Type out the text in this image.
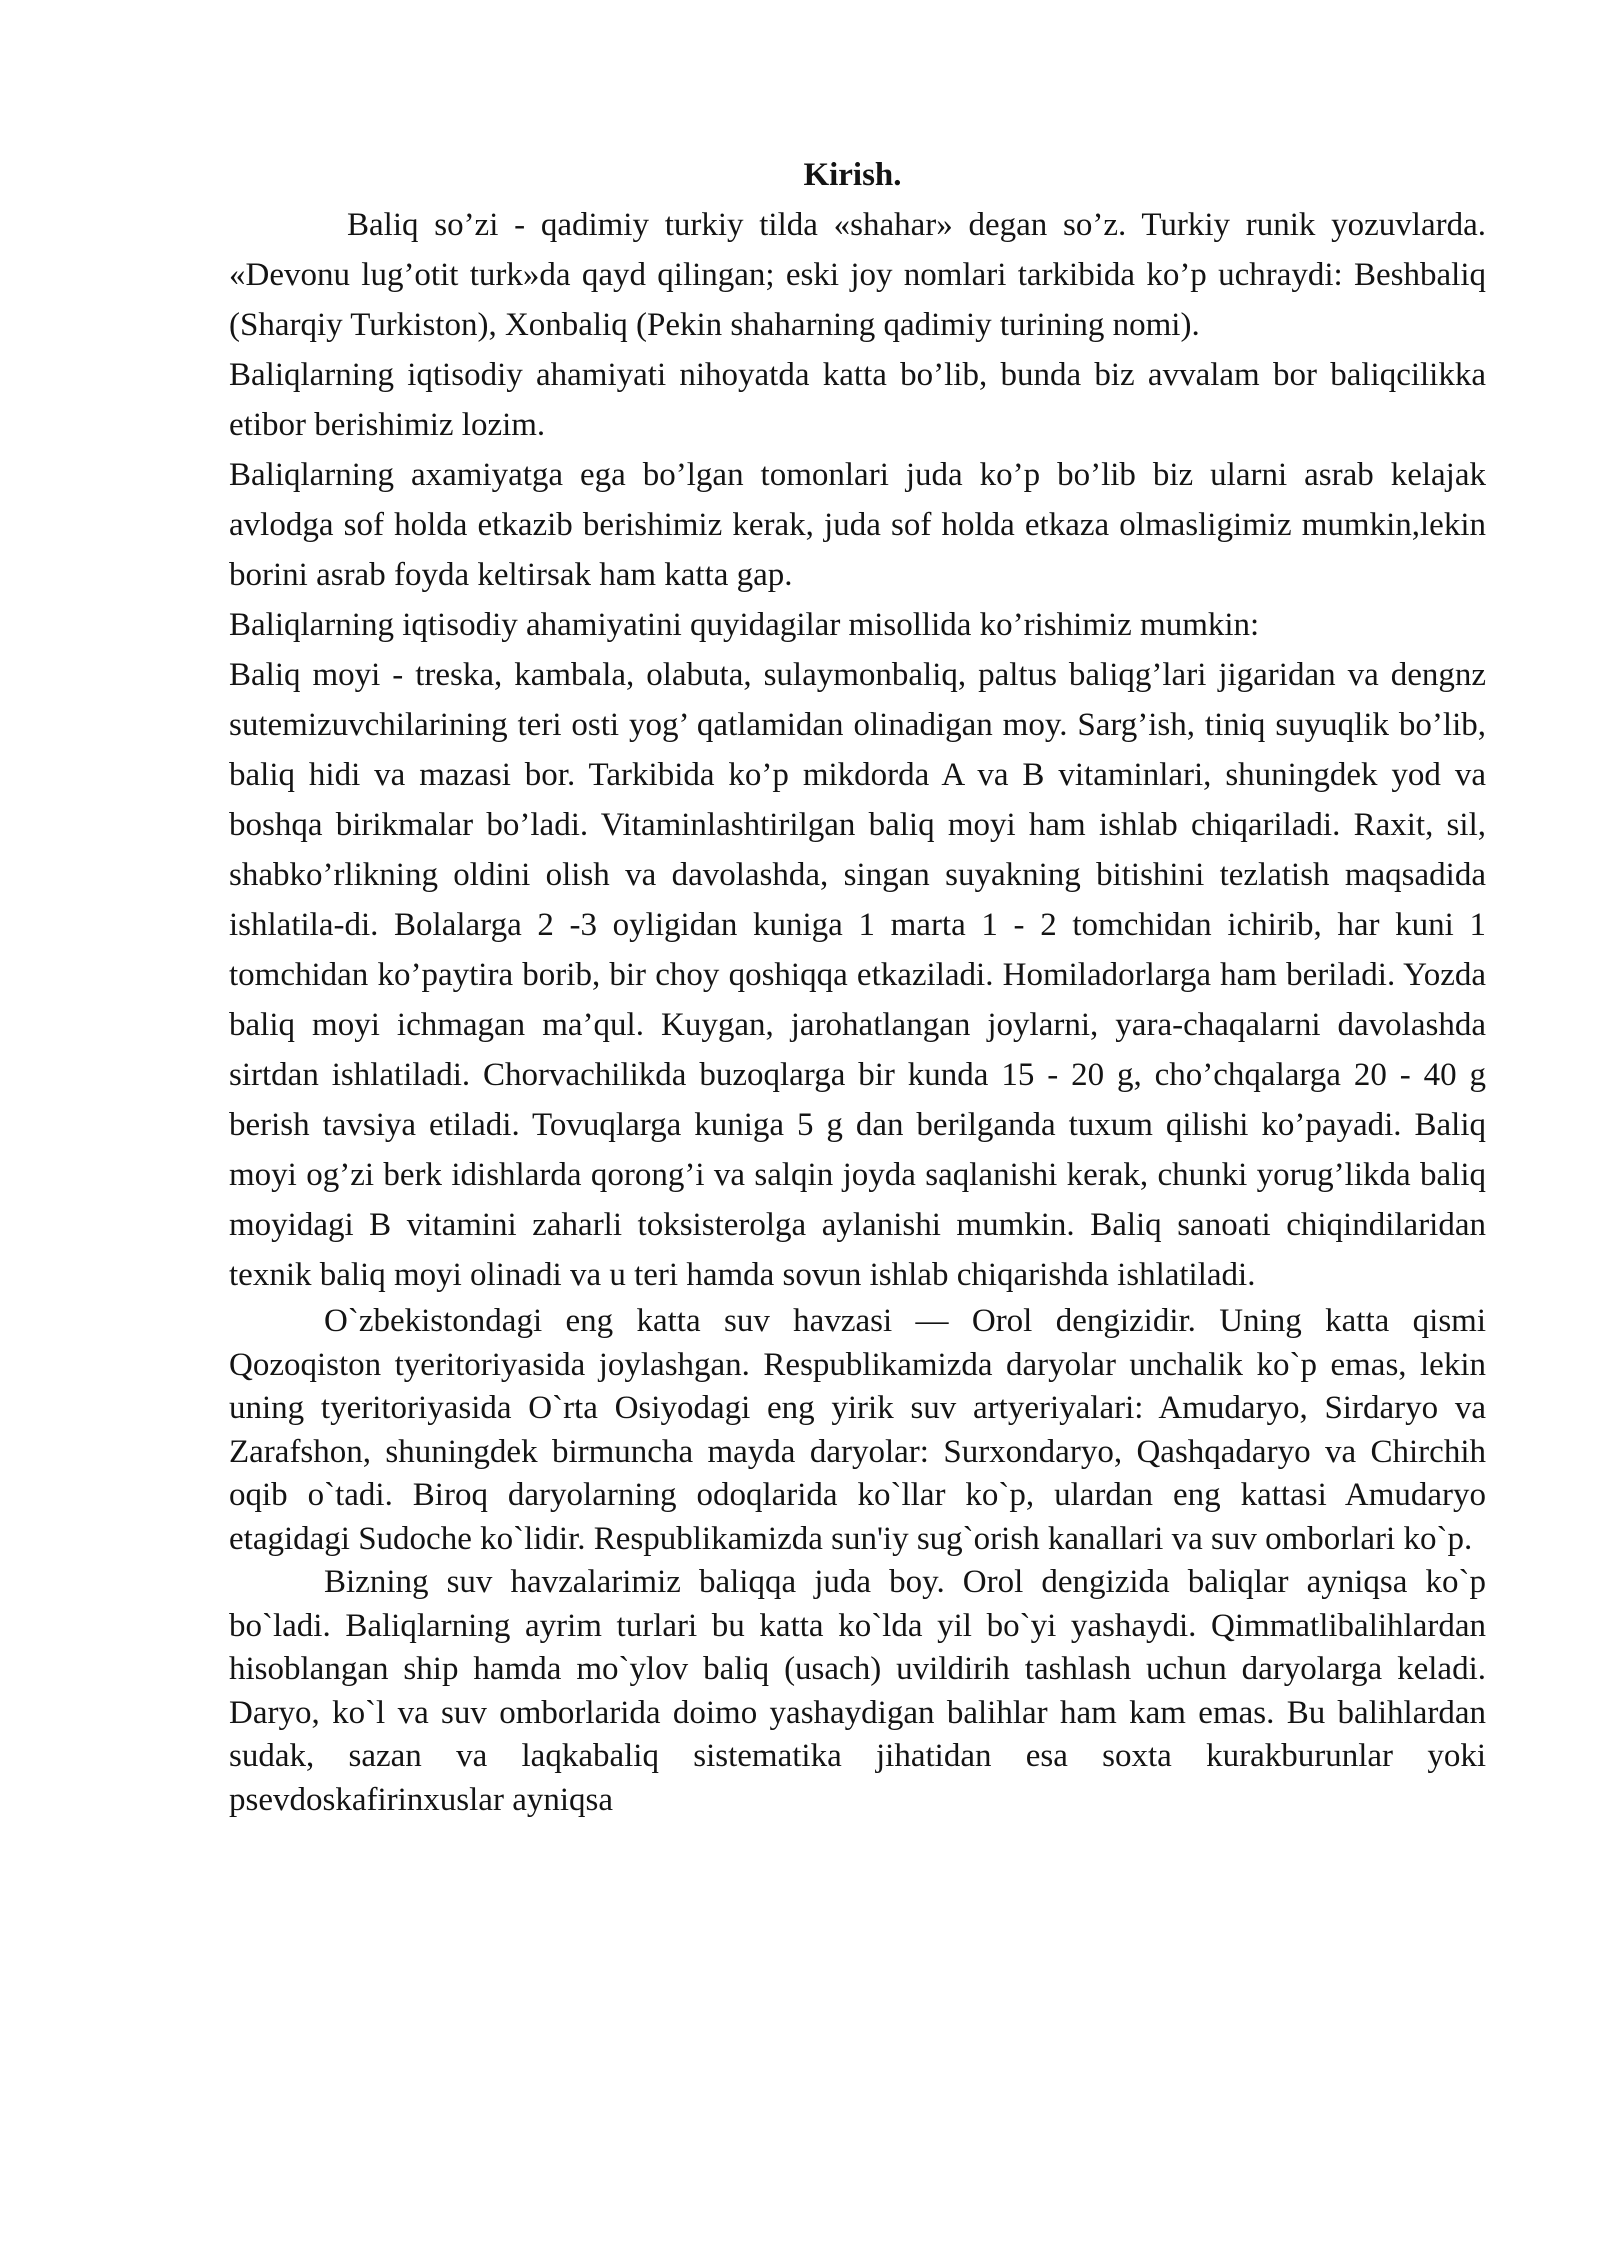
Kirish.

Baliq so’zi - qadimiy turkiy tilda «shahar» degan so’z. Turkiy runik yozuvlarda. «Devonu lug’otit turk»da qayd qilingan; eski joy nomlari tarkibida ko’p uchraydi: Beshbaliq (Sharqiy Turkiston), Xonbaliq (Pekin shaharning qadimiy turining nomi).

Baliqlarning iqtisodiy ahamiyati nihoyatda katta bo’lib, bunda biz avvalam bor baliqcilikka etibor berishimiz lozim.

Baliqlarning axamiyatga ega bo’lgan tomonlari juda ko’p bo’lib biz ularni asrab kelajak avlodga sof holda etkazib berishimiz kerak, juda sof holda etkaza olmasligimiz mumkin,lekin borini asrab foyda keltirsak ham katta gap.

Baliqlarning iqtisodiy ahamiyatini quyidagilar misollida ko’rishimiz mumkin:

Baliq moyi - treska, kambala, olabuta, sulaymonbaliq, paltus baliqg’lari jigaridan va dengnz sutemizuvchilarining teri osti yog’ qatlamidan olinadigan moy. Sarg’ish, tiniq suyuqlik bo’lib, baliq hidi va mazasi bor. Tarkibida ko’p mikdorda A va B vitaminlari, shuningdek yod va boshqa birikmalar bo’ladi. Vitaminlashtirilgan baliq moyi ham ishlab chiqariladi. Raxit, sil, shabko’rlikning oldini olish va davolashda, singan suyakning bitishini tezlatish maqsadida ishlatila-di. Bolalarga 2 -3 oyligidan kuniga 1 marta 1 - 2 tomchidan ichirib, har kuni 1 tomchidan ko’paytira borib, bir choy qoshiqqa etkaziladi. Homiladorlarga ham beriladi. Yozda baliq moyi ichmagan ma’qul. Kuygan, jarohatlangan joylarni, yara-chaqalarni davolashda sirtdan ishlatiladi. Chorvachilikda buzoqlarga bir kunda 15 - 20 g, cho’chqalarga 20 - 40 g berish tavsiya etiladi. Tovuqlarga kuniga 5 g dan berilganda tuxum qilishi ko’payadi. Baliq moyi og’zi berk idishlarda qorong’i va salqin joyda saqlanishi kerak, chunki yorug’likda baliq moyidagi B vitamini zaharli toksisterolga aylanishi mumkin. Baliq sanoati chiqindilaridan texnik baliq moyi olinadi va u teri hamda sovun ishlab chiqarishda ishlatiladi.

O`zbekistondagi eng katta suv havzasi — Orol dengizidir. Uning katta qismi Qozoqiston tyeritoriyasida joylashgan. Respublikamizda daryolar unchalik ko`p emas, lekin uning tyeritoriyasida O`rta Osiyodagi eng yirik suv artyeriyalari: Amudaryo, Sirdaryo va Zarafshon, shuningdek birmuncha mayda daryolar: Surxondaryo, Qashqadaryo va Chirchih oqib o`tadi. Biroq daryolarning odoqlarida ko`llar ko`p, ulardan eng kattasi Amudaryo etagidagi Sudoche ko`lidir. Respublikamizda sun'iy sug`orish kanallari va suv omborlari ko`p.

Bizning suv havzalarimiz baliqqa juda boy. Orol dengizida baliqlar ayniqsa ko`p bo`ladi. Baliqlarning ayrim turlari bu katta ko`lda yil bo`yi yashaydi. Qimmatlibalihlardan hisoblangan ship hamda mo`ylov baliq (usach) uvildirih tashlash uchun daryolarga keladi. Daryo, ko`l va suv omborlarida doimo yashaydigan balihlar ham kam emas. Bu balihlardan sudak, sazan va laqkabaliq sistematika jihatidan esa soxta kurakburunlar yoki psevdoskafirinxuslar ayniqsa
